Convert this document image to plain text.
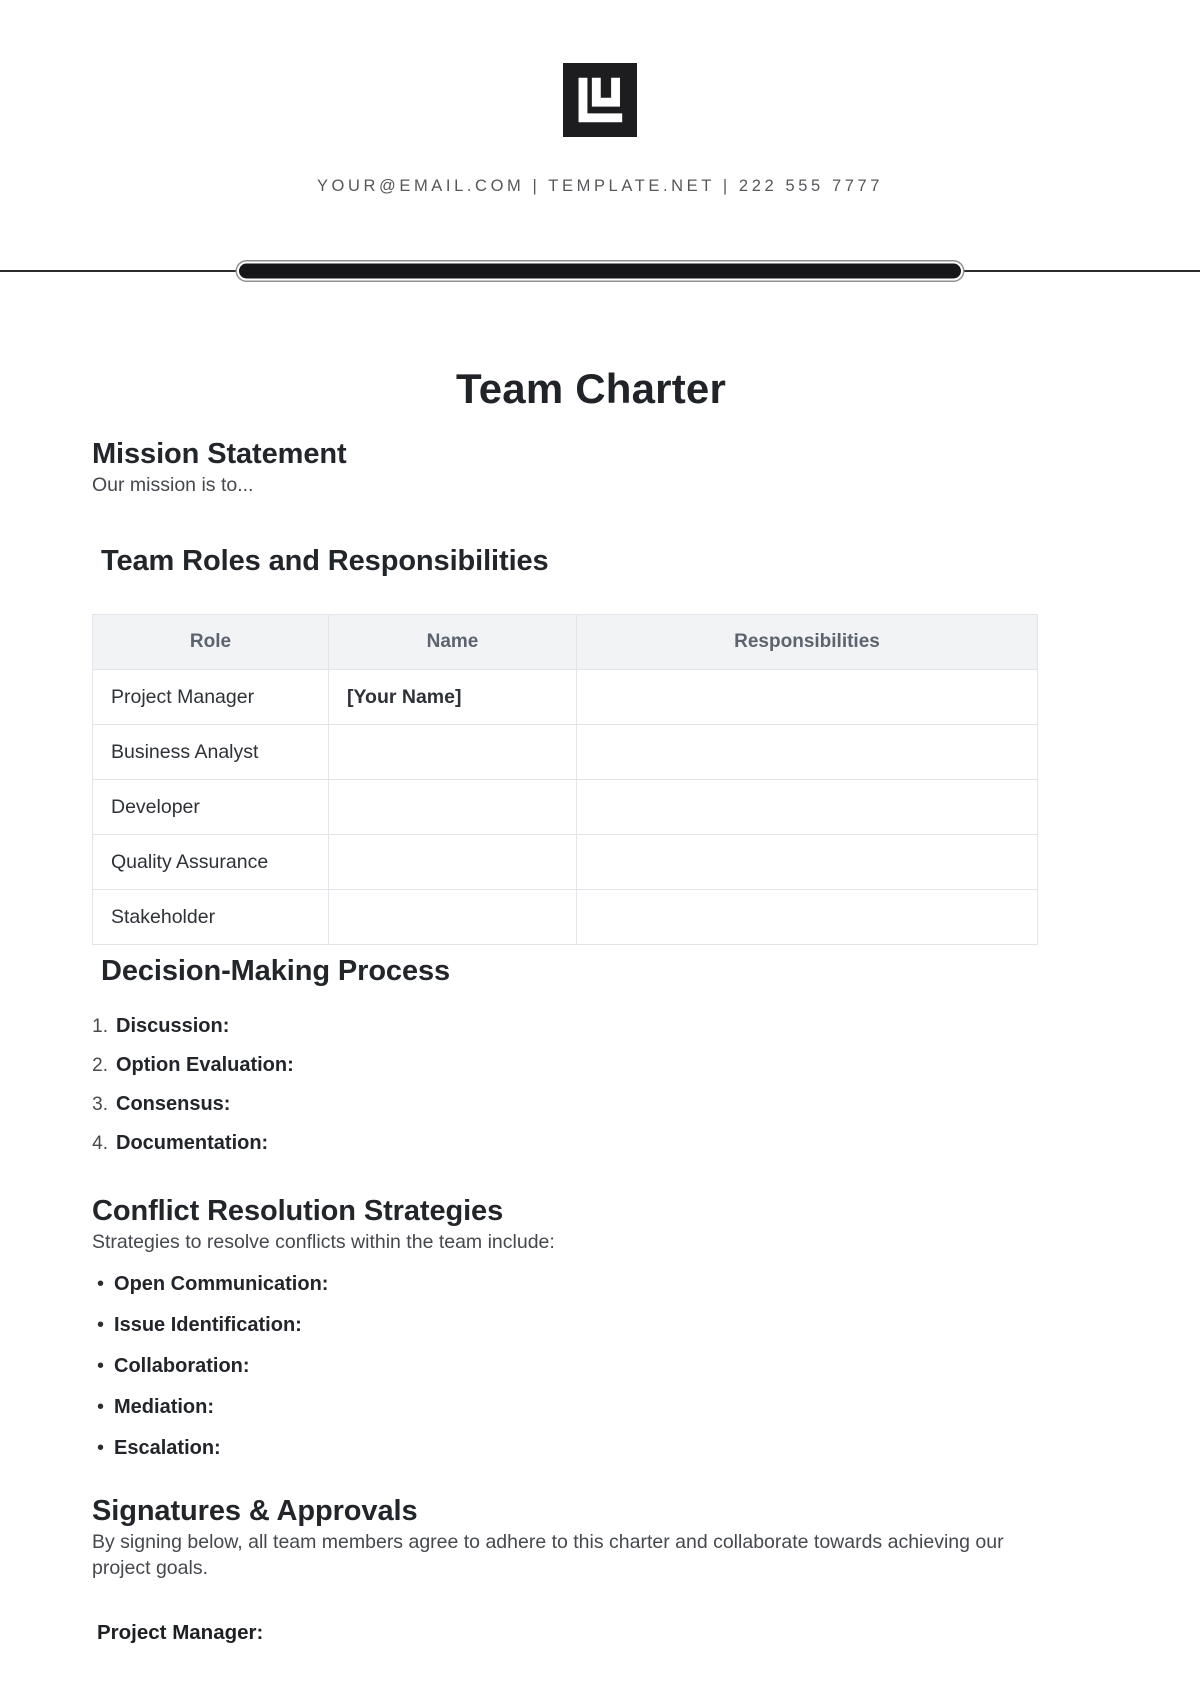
YOUR@EMAIL.COM | TEMPLATE.NET | 222 555 7777
Team Charter
Mission Statement

Our mission is to...

Team Roles and Responsibilities
Role	Name	Responsibilities
Project Manager	[Your Name]	
Business Analyst		
Developer		
Quality Assurance		
Stakeholder		
Decision-Making Process
1. Discussion:
2. Option Evaluation:
3. Consensus:
4. Documentation:
Conflict Resolution Strategies

Strategies to resolve conflicts within the team include:

• Open Communication:
• Issue Identification:
• Collaboration:
• Mediation:
• Escalation:
Signatures & Approvals

By signing below, all team members agree to adhere to this charter and collaborate towards achieving our project goals.

Project Manager:
